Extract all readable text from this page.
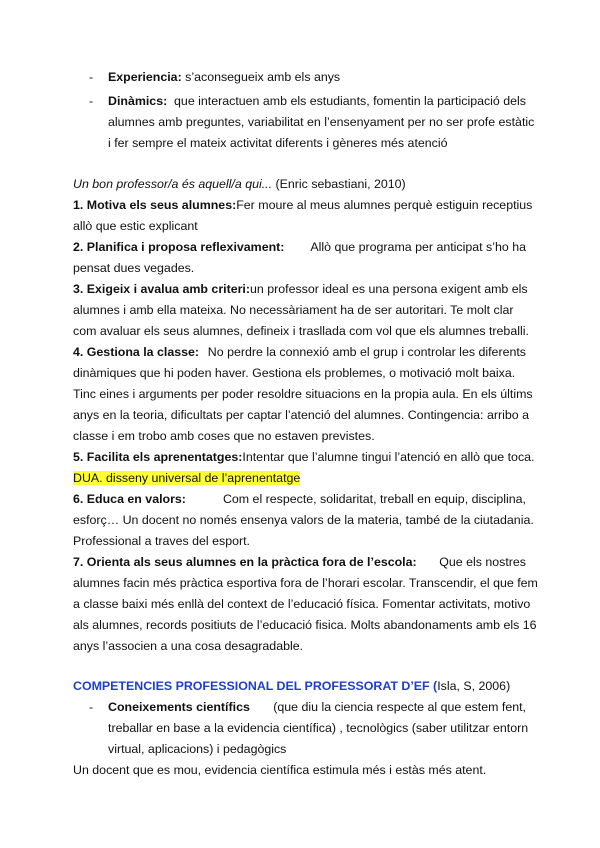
- Experiencia: s’aconsegueix amb els anys
- Dinàmics: que interactuen amb els estudiants, fomentin la participació dels
alumnes amb preguntes, variabilitat en l’ensenyament per no ser profe estàtic
i fer sempre el mateix activitat diferents i gèneres més atenció
Un bon professor/a és aquell/a qui... (Enric sebastiani, 2010)
1. Motiva els seus alumnes: Fer moure al meus alumnes perquè estiguin receptius
allò que estic explicant
2. Planifica i proposa reflexivament: Allò que programa per anticipat s’ho ha
pensat dues vegades.
3. Exigeix i avalua amb criteri: un professor ideal es una persona exigent amb els
alumnes i amb ella mateixa. No necessàriament ha de ser autoritari. Te molt clar
com avaluar els seus alumnes, defineix i trasllada com vol que els alumnes treballi.
4. Gestiona la classe: No perdre la connexió amb el grup i controlar les diferents
dinàmiques que hi poden haver. Gestiona els problemes, o motivació molt baixa.
Tinc eines i arguments per poder resoldre situacions en la propia aula. En els últims
anys en la teoria, dificultats per captar l’atenció del alumnes. Contingencia: arribo a
classe i em trobo amb coses que no estaven previstes.
5. Facilita els aprenentatges: Intentar que l’alumne tingui l’atenció en allò que toca.
DUA. disseny universal de l’aprenentatge
6. Educa en valors:	Com el respecte, solidaritat, treball en equip, disciplina,
esforç… Un docent no només ensenya valors de la materia, també de la ciutadania.
Professional a traves del esport.
7. Orienta als seus alumnes en la pràctica fora de l’escola: Que els nostres
alumnes facin més pràctica esportiva fora de l’horari escolar. Transcendir, el que fem
a classe baixi més enllà del context de l’educació física. Fomentar activitats, motivo
als alumnes, records positiuts de l’educació fisica. Molts abandonaments amb els 16
anys l’associen a una cosa desagradable.
COMPETENCIES PROFESSIONAL DEL PROFESSORAT D’EF (Isla, S, 2006)
- Coneixements científics (que diu la ciencia respecte al que estem fent,
treballar en base a la evidencia científica) , tecnològics (saber utilitzar entorn
virtual, aplicacions) i pedagògics
Un docent que es mou, evidencia científica estimula més i estàs més atent.
